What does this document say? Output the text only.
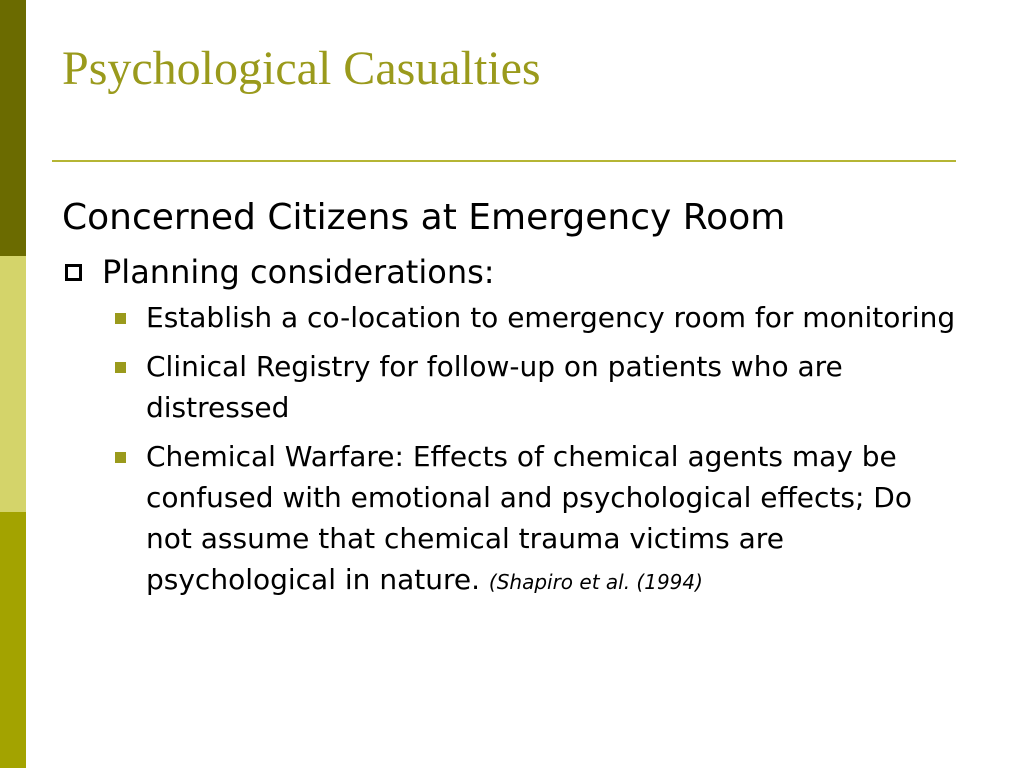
Psychological Casualties
Concerned Citizens at Emergency Room
Planning considerations:
Establish a co-location to emergency room for monitoring
Clinical Registry for follow-up on patients who are distressed
Chemical Warfare: Effects of chemical agents may be confused with emotional and psychological effects; Do not assume that chemical trauma victims are psychological in nature. (Shapiro et al. (1994)
